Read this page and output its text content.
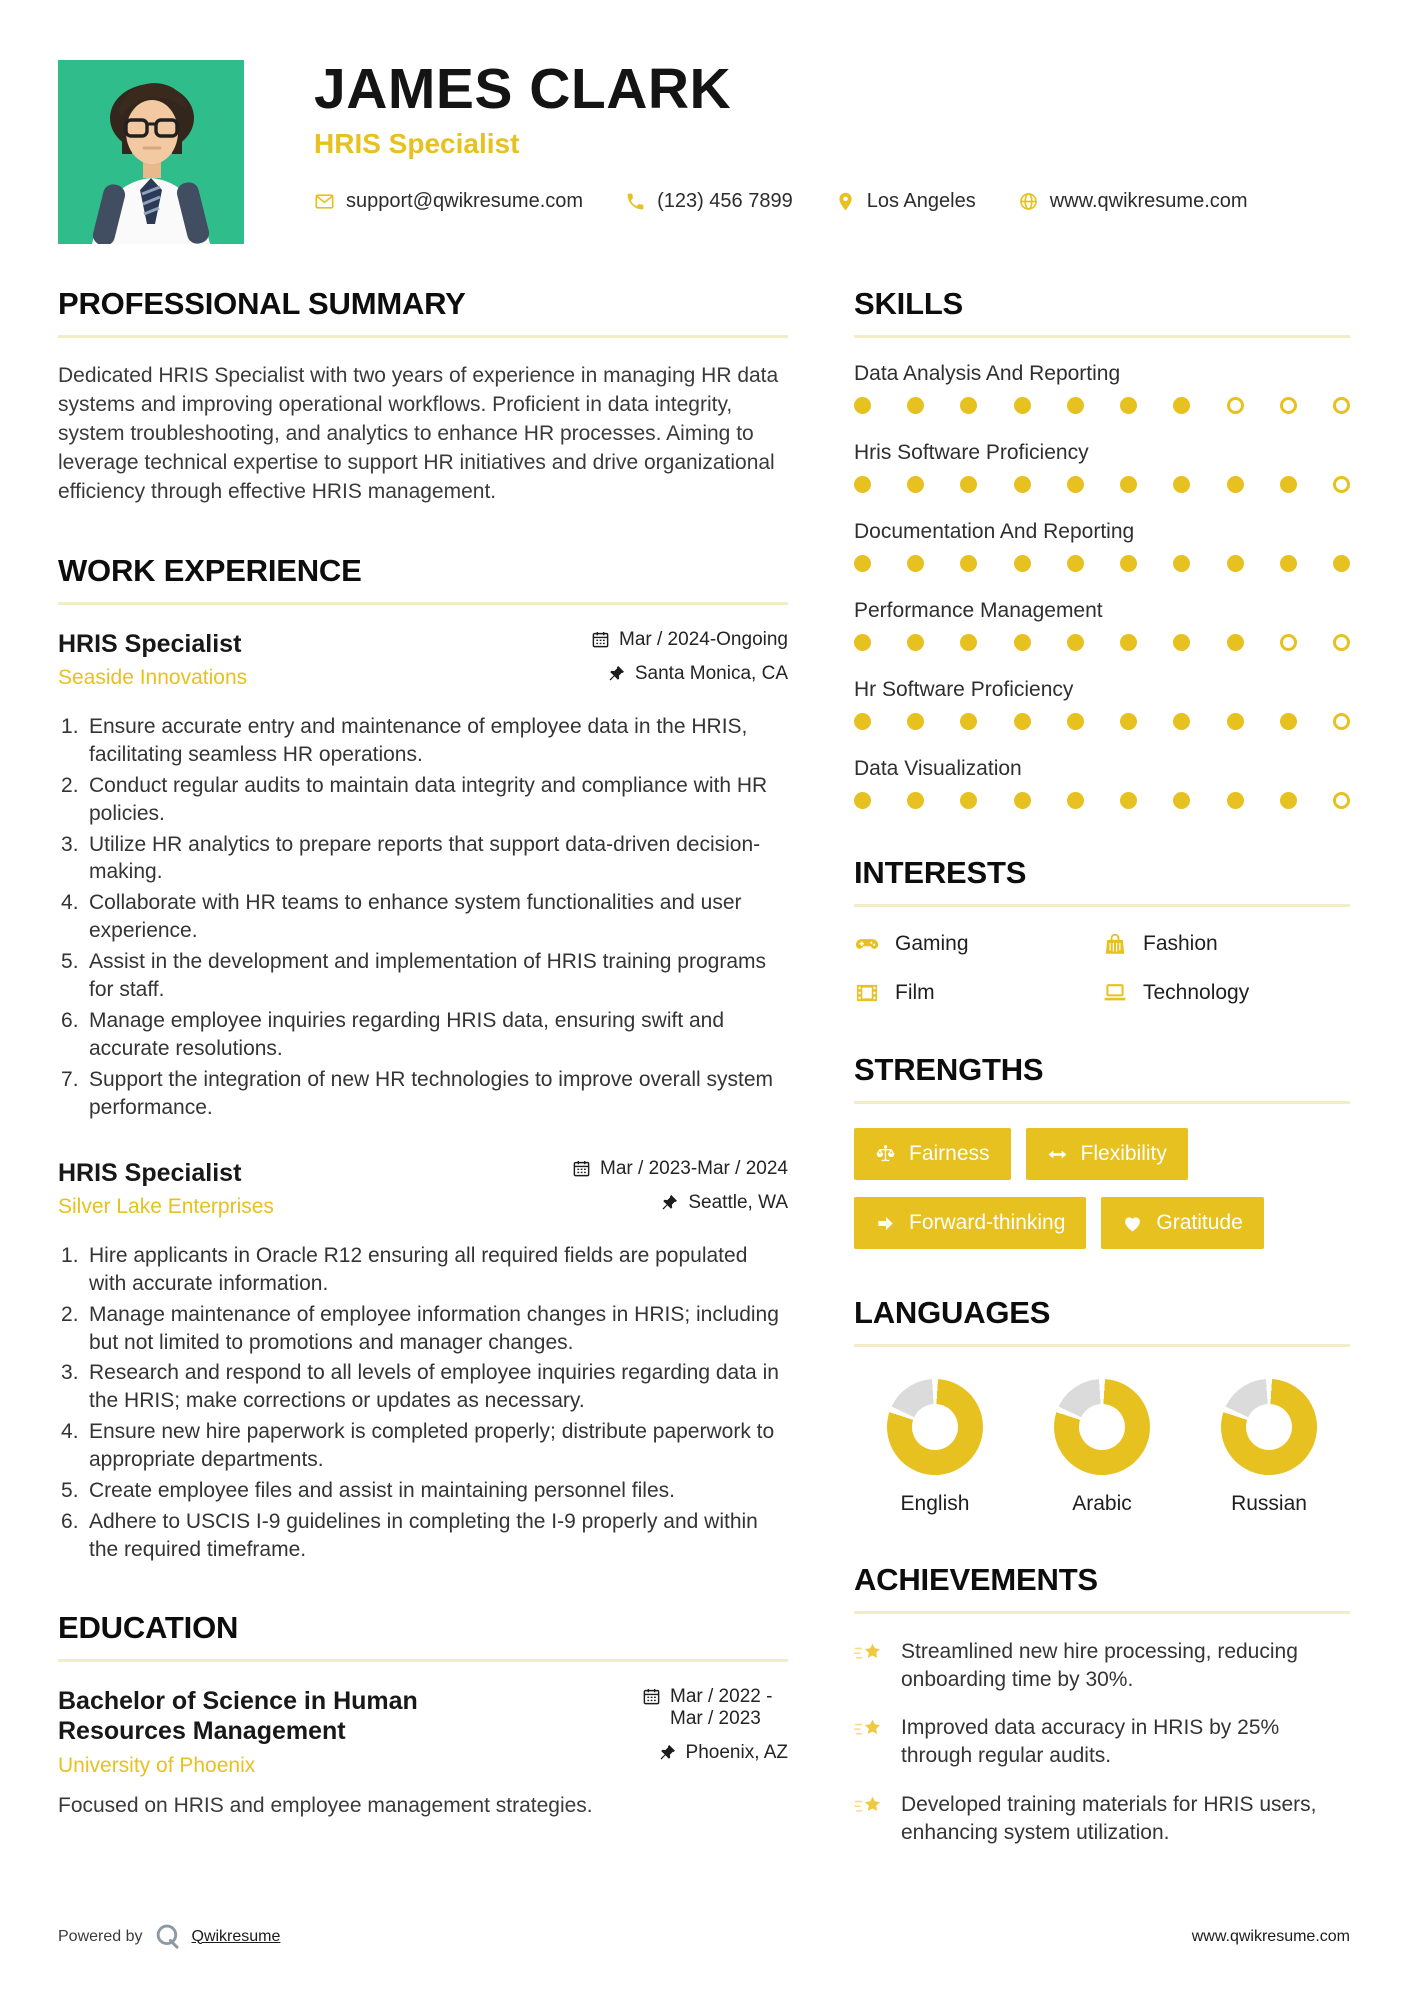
JAMES CLARK
HRIS Specialist
support@qwikresume.com	(123) 456 7899	Los Angeles	www.qwikresume.com
PROFESSIONAL SUMMARY

Dedicated HRIS Specialist with two years of experience in managing HR data systems and improving operational workflows. Proficient in data integrity, system troubleshooting, and analytics to enhance HR processes. Aiming to leverage technical expertise to support HR initiatives and drive organizational efficiency through effective HRIS management.

WORK EXPERIENCE
HRIS Specialist
Seaside Innovations
Mar / 2024-Ongoing
Santa Monica, CA
Ensure accurate entry and maintenance of employee data in the HRIS, facilitating seamless HR operations.
Conduct regular audits to maintain data integrity and compliance with HR policies.
Utilize HR analytics to prepare reports that support data-driven decision-making.
Collaborate with HR teams to enhance system functionalities and user experience.
Assist in the development and implementation of HRIS training programs for staff.
Manage employee inquiries regarding HRIS data, ensuring swift and accurate resolutions.
Support the integration of new HR technologies to improve overall system performance.
HRIS Specialist
Silver Lake Enterprises
Mar / 2023-Mar / 2024
Seattle, WA
Hire applicants in Oracle R12 ensuring all required fields are populated with accurate information.
Manage maintenance of employee information changes in HRIS; including but not limited to promotions and manager changes.
Research and respond to all levels of employee inquiries regarding data in the HRIS; make corrections or updates as necessary.
Ensure new hire paperwork is completed properly; distribute paperwork to appropriate departments.
Create employee files and assist in maintaining personnel files.
Adhere to USCIS I-9 guidelines in completing the I-9 properly and within the required timeframe.
EDUCATION
Bachelor of Science in Human Resources Management
University of Phoenix
Mar / 2022 - Mar / 2023
Phoenix, AZ
Focused on HRIS and employee management strategies.
SKILLS
Data Analysis And Reporting
Hris Software Proficiency
Documentation And Reporting
Performance Management
Hr Software Proficiency
Data Visualization
INTERESTS
Gaming	Fashion
Film	Technology
STRENGTHS
Fairness	Flexibility
Forward-thinking	Gratitude
LANGUAGES
English	Arabic	Russian
ACHIEVEMENTS
Streamlined new hire processing, reducing onboarding time by 30%.
Improved data accuracy in HRIS by 25% through regular audits.
Developed training materials for HRIS users, enhancing system utilization.
Powered by	Qwikresume	www.qwikresume.com
